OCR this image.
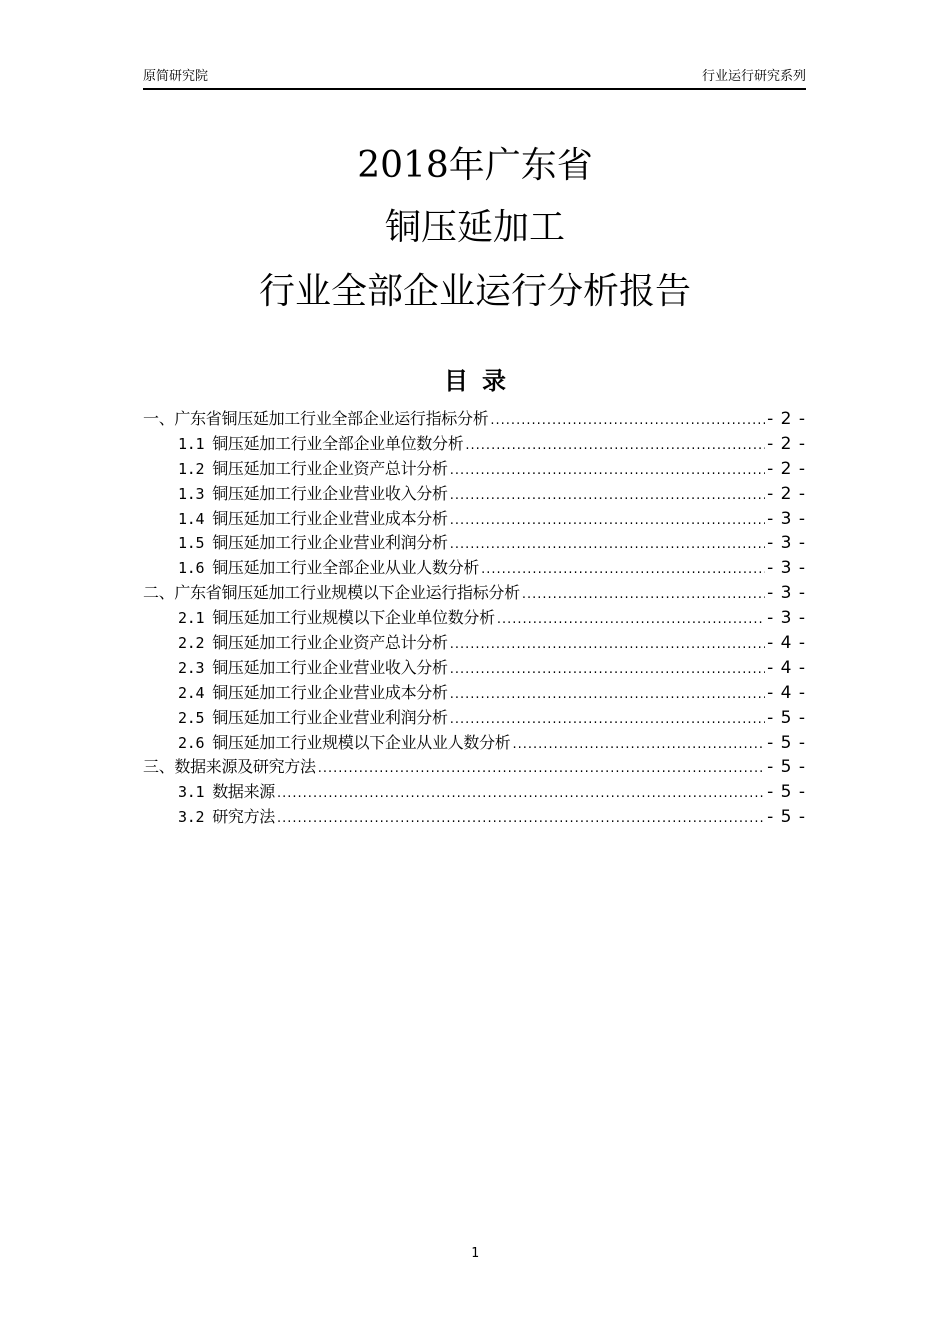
原简研究院	行业运行研究系列
2018年广东省
铜压延加工
行业全部企业运行分析报告
目录
一、广东省铜压延加工行业全部企业运行指标分析 .....	- 2 -
1.1 铜压延加工行业全部企业单位数分析 .....	- 2 -
1.2 铜压延加工行业企业资产总计分析 .....	- 2 -
1.3 铜压延加工行业企业营业收入分析 .....	- 2 -
1.4 铜压延加工行业企业营业成本分析 .....	- 3 -
1.5 铜压延加工行业企业营业利润分析 .....	- 3 -
1.6 铜压延加工行业全部企业从业人数分析 .....	- 3 -
二、广东省铜压延加工行业规模以下企业运行指标分析 .....	- 3 -
2.1 铜压延加工行业规模以下企业单位数分析 .....	- 3 -
2.2 铜压延加工行业企业资产总计分析 .....	- 4 -
2.3 铜压延加工行业企业营业收入分析 .....	- 4 -
2.4 铜压延加工行业企业营业成本分析 .....	- 4 -
2.5 铜压延加工行业企业营业利润分析 .....	- 5 -
2.6 铜压延加工行业规模以下企业从业人数分析 .....	- 5 -
三、数据来源及研究方法 .....	- 5 -
3.1 数据来源 .....	- 5 -
3.2 研究方法 .....	- 5 -
1
